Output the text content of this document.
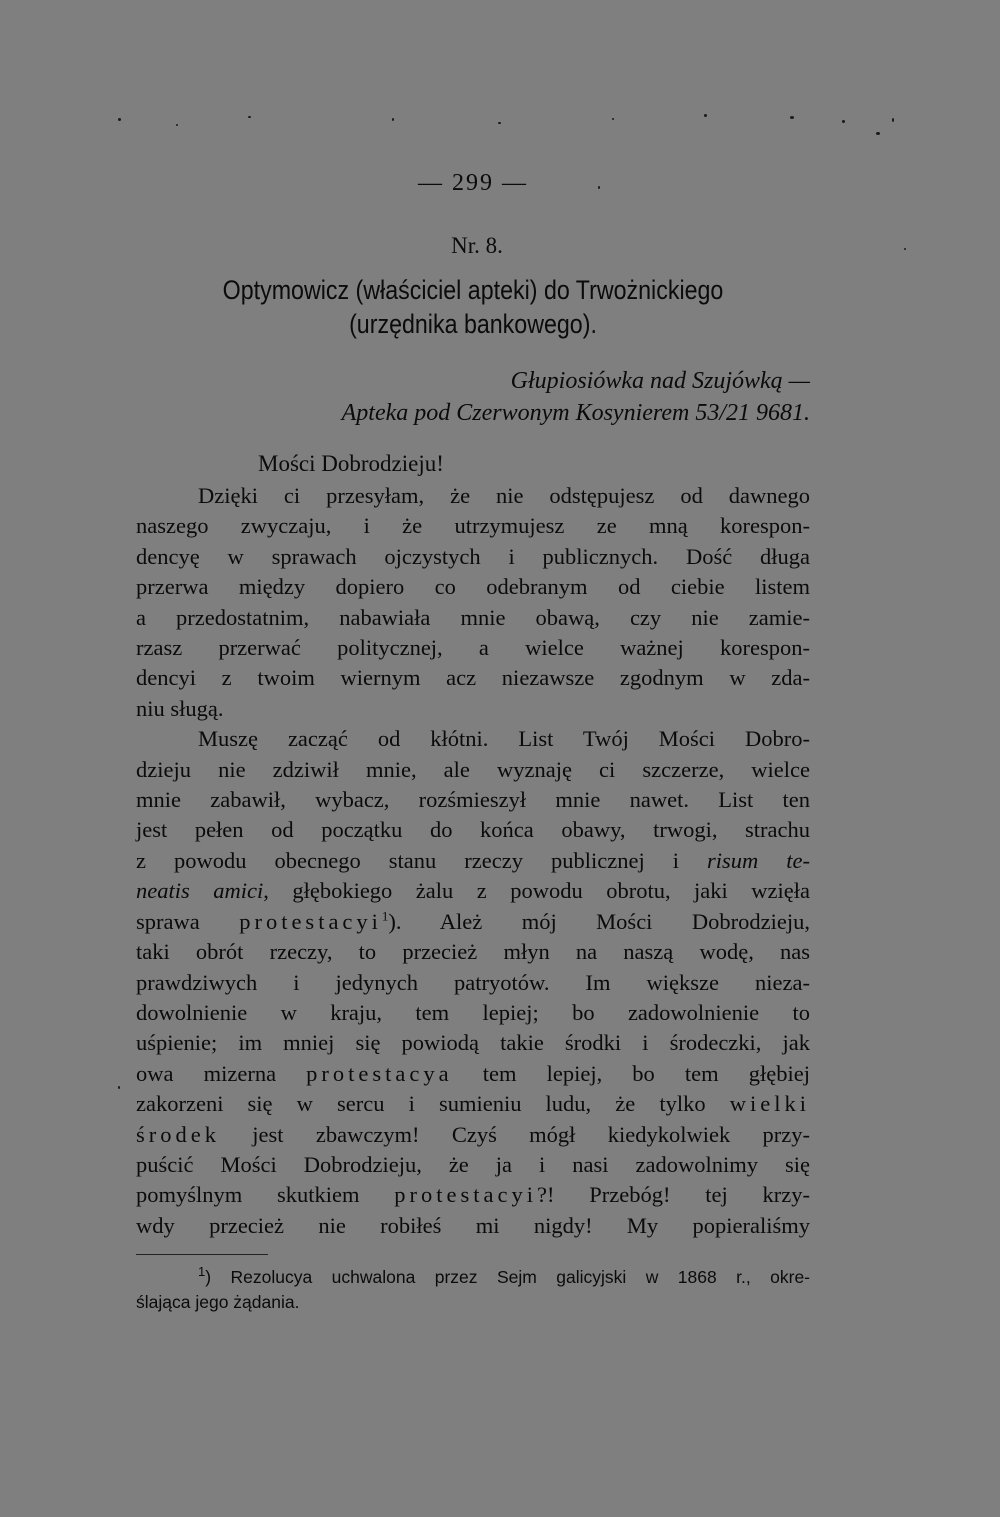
— 299 —
Nr. 8.
Optymowicz (właściciel apteki) do Trwożnickiego
(urzędnika bankowego).
Głupiosiówka nad Szujówką —
Apteka pod Czerwonym Kosynierem 53/21 9681.
Mości Dobrodzieju!
Dzięki ci przesyłam, że nie odstępujesz od dawnego
naszego zwyczaju, i że utrzymujesz ze mną korespon-
dencyę w sprawach ojczystych i publicznych. Dość długa
przerwa między dopiero co odebranym od ciebie listem
a przedostatnim, nabawiała mnie obawą, czy nie zamie-
rzasz przerwać politycznej, a wielce ważnej korespon-
dencyi z twoim wiernym acz niezawsze zgodnym w zda-
niu sługą.
Muszę zacząć od kłótni. List Twój Mości Dobro-
dzieju nie zdziwił mnie, ale wyznaję ci szczerze, wielce
mnie zabawił, wybacz, rozśmieszył mnie nawet. List ten
jest pełen od początku do końca obawy, trwogi, strachu
z powodu obecnego stanu rzeczy publicznej i risum te-
neatis amici, głębokiego żalu z powodu obrotu, jaki wzięła
sprawa protestacyi$^1$). Ależ mój Mości Dobrodzieju,
taki obrót rzeczy, to przecież młyn na naszą wodę, nas
prawdziwych i jedynych patryotów. Im większe nieza-
dowolnienie w kraju, tem lepiej; bo zadowolnienie to
uśpienie; im mniej się powiodą takie środki i środeczki, jak
owa mizerna protestacya tem lepiej, bo tem głębiej
zakorzeni się w sercu i sumieniu ludu, że tylko wielki
środek jest zbawczym! Czyś mógł kiedykolwiek przy-
puścić Mości Dobrodzieju, że ja i nasi zadowolnimy się
pomyślnym skutkiem protestacyi?! Przebóg! tej krzy-
wdy przecież nie robiłeś mi nigdy! My popieraliśmy
$^1$) Rezolucya uchwalona przez Sejm galicyjski w 1868 r., okre-
ślająca jego żądania.
